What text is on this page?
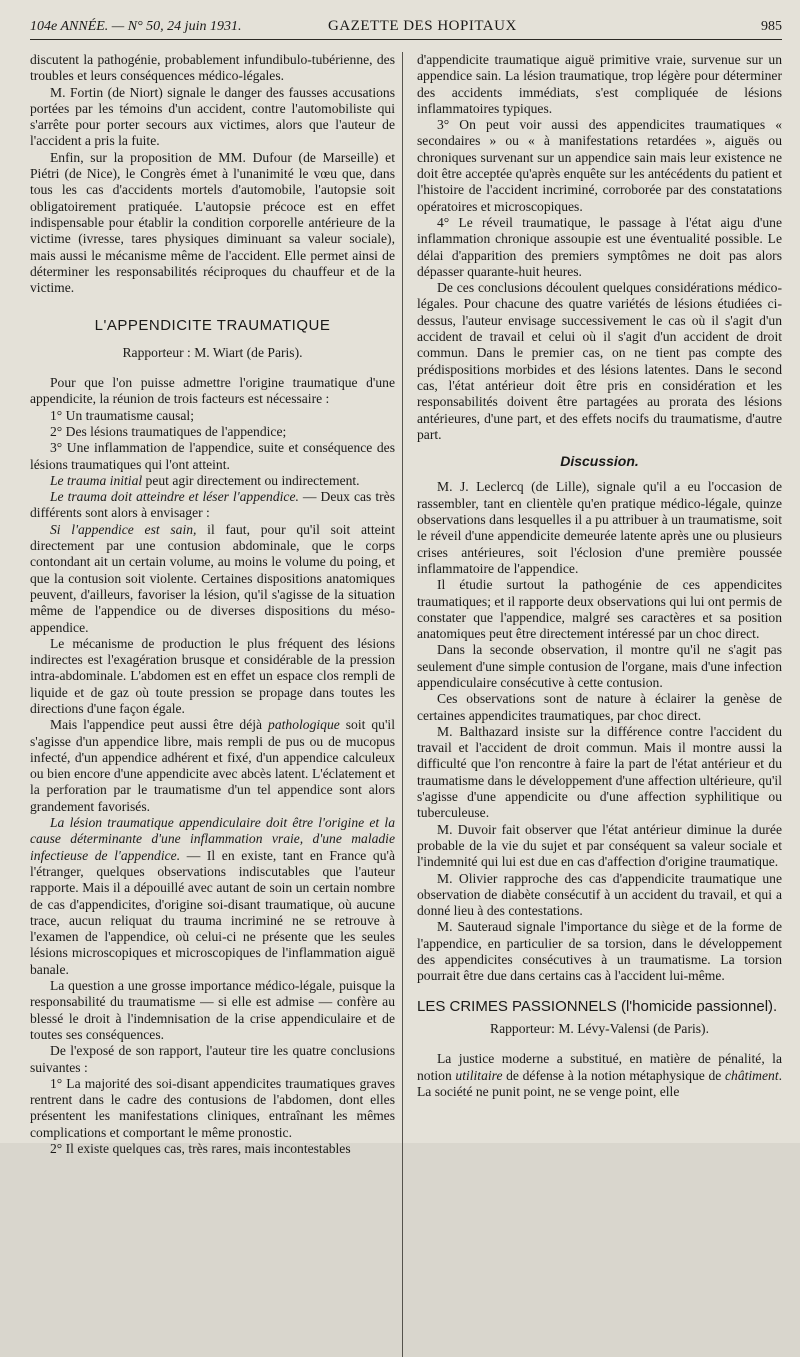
104e ANNÉE. — N° 50, 24 juin 1931.	GAZETTE DES HOPITAUX	985

discutent la pathogénie, probablement infundibulo-tubérienne, des troubles et leurs conséquences médico-légales.

M. Fortin (de Niort) signale le danger des fausses accusations portées par les témoins d'un accident, contre l'automobiliste qui s'arrête pour porter secours aux victimes, alors que l'auteur de l'accident a pris la fuite.

Enfin, sur la proposition de MM. Dufour (de Marseille) et Piétri (de Nice), le Congrès émet à l'unanimité le vœu que, dans tous les cas d'accidents mortels d'automobile, l'autopsie soit obligatoirement pratiquée. L'autopsie précoce est en effet indispensable pour établir la condition corporelle antérieure de la victime (ivresse, tares physiques diminuant sa valeur sociale), mais aussi le mécanisme même de l'accident. Elle permet ainsi de déterminer les responsabilités réciproques du chauffeur et de la victime.

L'APPENDICITE TRAUMATIQUE
Rapporteur : M. Wiart (de Paris).

Pour que l'on puisse admettre l'origine traumatique d'une appendicite, la réunion de trois facteurs est nécessaire :

1° Un traumatisme causal;

2° Des lésions traumatiques de l'appendice;

3° Une inflammation de l'appendice, suite et conséquence des lésions traumatiques qui l'ont atteint.

Le trauma initial peut agir directement ou indirectement.

Le trauma doit atteindre et léser l'appendice. — Deux cas très différents sont alors à envisager :

Si l'appendice est sain, il faut, pour qu'il soit atteint directement par une contusion abdominale, que le corps contondant ait un certain volume, au moins le volume du poing, et que la contusion soit violente. Certaines dispositions anatomiques peuvent, d'ailleurs, favoriser la lésion, qu'il s'agisse de la situation même de l'appendice ou de diverses dispositions du méso-appendice.

Le mécanisme de production le plus fréquent des lésions indirectes est l'exagération brusque et considérable de la pression intra-abdominale. L'abdomen est en effet un espace clos rempli de liquide et de gaz où toute pression se propage dans toutes les directions d'une façon égale.

Mais l'appendice peut aussi être déjà pathologique soit qu'il s'agisse d'un appendice libre, mais rempli de pus ou de mucopus infecté, d'un appendice adhérent et fixé, d'un appendice calculeux ou bien encore d'une appendicite avec abcès latent. L'éclatement et la perforation par le traumatisme d'un tel appendice sont alors grandement favorisés.

La lésion traumatique appendiculaire doit être l'origine et la cause déterminante d'une inflammation vraie, d'une maladie infectieuse de l'appendice. — Il en existe, tant en France qu'à l'étranger, quelques observations indiscutables que l'auteur rapporte. Mais il a dépouillé avec autant de soin un certain nombre de cas d'appendicites, d'origine soi-disant traumatique, où aucune trace, aucun reliquat du trauma incriminé ne se retrouve à l'examen de l'appendice, où celui-ci ne présente que les seules lésions microscopiques et microscopiques de l'inflammation aiguë banale.

La question a une grosse importance médico-légale, puisque la responsabilité du traumatisme — si elle est admise — confère au blessé le droit à l'indemnisation de la crise appendiculaire et de toutes ses conséquences.

De l'exposé de son rapport, l'auteur tire les quatre conclusions suivantes :

1° La majorité des soi-disant appendicites traumatiques graves rentrent dans le cadre des contusions de l'abdomen, dont elles présentent les manifestations cliniques, entraînant les mêmes complications et comportant le même pronostic.

2° Il existe quelques cas, très rares, mais incontestables

d'appendicite traumatique aiguë primitive vraie, survenue sur un appendice sain. La lésion traumatique, trop légère pour déterminer des accidents immédiats, s'est compliquée de lésions inflammatoires typiques.

3° On peut voir aussi des appendicites traumatiques « secondaires » ou « à manifestations retardées », aiguës ou chroniques survenant sur un appendice sain mais leur existence ne doit être acceptée qu'après enquête sur les antécédents du patient et l'histoire de l'accident incriminé, corroborée par des constatations opératoires et microscopiques.

4° Le réveil traumatique, le passage à l'état aigu d'une inflammation chronique assoupie est une éventualité possible. Le délai d'apparition des premiers symptômes ne doit pas alors dépasser quarante-huit heures.

De ces conclusions découlent quelques considérations médico-légales. Pour chacune des quatre variétés de lésions étudiées ci-dessus, l'auteur envisage successivement le cas où il s'agit d'un accident de travail et celui où il s'agit d'un accident de droit commun. Dans le premier cas, on ne tient pas compte des prédispositions morbides et des lésions latentes. Dans le second cas, l'état antérieur doit être pris en considération et les responsabilités doivent être partagées au prorata des lésions antérieures, d'une part, et des effets nocifs du traumatisme, d'autre part.

Discussion.

M. J. Leclercq (de Lille), signale qu'il a eu l'occasion de rassembler, tant en clientèle qu'en pratique médico-légale, quinze observations dans lesquelles il a pu attribuer à un traumatisme, soit le réveil d'une appendicite demeurée latente après une ou plusieurs crises antérieures, soit l'éclosion d'une première poussée inflammatoire de l'appendice.

Il étudie surtout la pathogénie de ces appendicites traumatiques; et il rapporte deux observations qui lui ont permis de constater que l'appendice, malgré ses caractères et sa position anatomiques peut être directement intéressé par un choc direct.

Dans la seconde observation, il montre qu'il ne s'agit pas seulement d'une simple contusion de l'organe, mais d'une infection appendiculaire consécutive à cette contusion.

Ces observations sont de nature à éclairer la genèse de certaines appendicites traumatiques, par choc direct.

M. Balthazard insiste sur la différence contre l'accident du travail et l'accident de droit commun. Mais il montre aussi la difficulté que l'on rencontre à faire la part de l'état antérieur et du traumatisme dans le développement d'une affection ultérieure, qu'il s'agisse d'une appendicite ou d'une affection syphilitique ou tuberculeuse.

M. Duvoir fait observer que l'état antérieur diminue la durée probable de la vie du sujet et par conséquent sa valeur sociale et l'indemnité qui lui est due en cas d'affection d'origine traumatique.

M. Olivier rapproche des cas d'appendicite traumatique une observation de diabète consécutif à un accident du travail, et qui a donné lieu à des contestations.

M. Sauteraud signale l'importance du siège et de la forme de l'appendice, en particulier de sa torsion, dans le développement des appendicites consécutives à un traumatisme. La torsion pourrait être due dans certains cas à l'accident lui-même.

LES CRIMES PASSIONNELS (l'homicide passionnel).
Rapporteur: M. Lévy-Valensi (de Paris).

La justice moderne a substitué, en matière de pénalité, la notion utilitaire de défense à la notion métaphysique de châtiment. La société ne punit point, ne se venge point, elle
